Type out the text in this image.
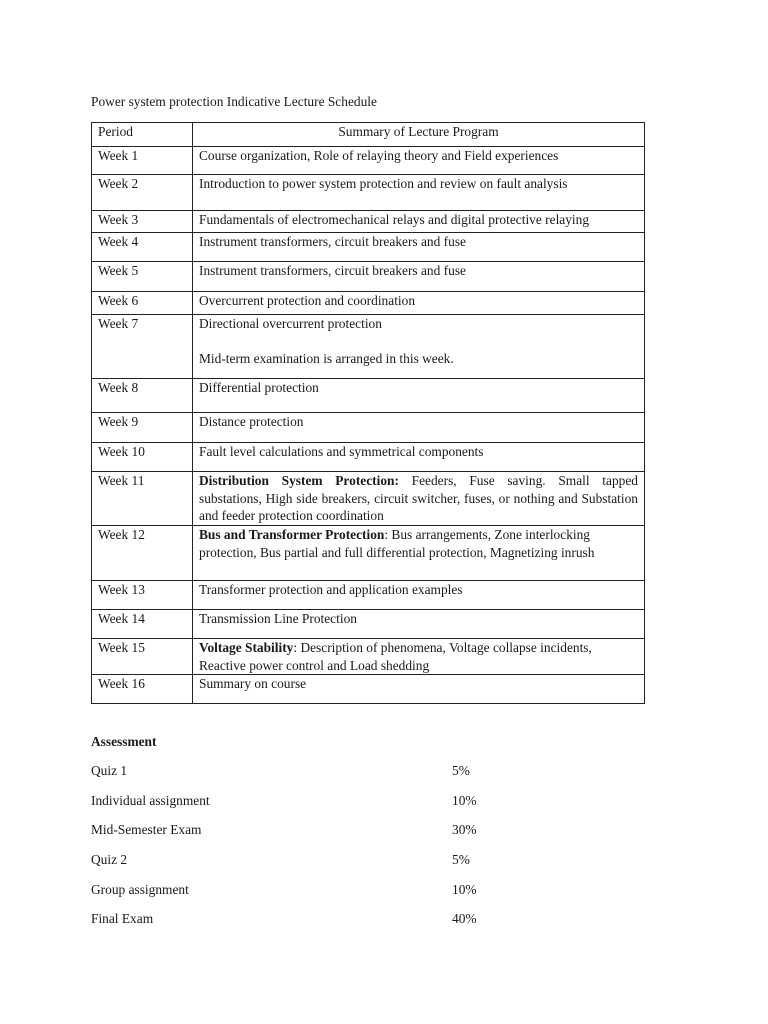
Power system protection Indicative Lecture Schedule
Period	Summary of Lecture Program
Week 1	Course organization, Role of relaying theory and Field experiences
Week 2	Introduction to power system protection and review on fault analysis
Week 3	Fundamentals of electromechanical relays and digital protective relaying
Week 4	Instrument transformers, circuit breakers and fuse
Week 5	Instrument transformers, circuit breakers and fuse
Week 6	Overcurrent protection and coordination
Week 7	Directional overcurrent protection
Mid-term examination is arranged in this week.
Week 8	Differential protection
Week 9	Distance protection
Week 10	Fault level calculations and symmetrical components
Week 11	Distribution System Protection: Feeders, Fuse saving. Small tapped substations, High side breakers, circuit switcher, fuses, or nothing and Substation and feeder protection coordination
Week 12	Bus and Transformer Protection: Bus arrangements, Zone interlocking protection, Bus partial and full differential protection, Magnetizing inrush
Week 13	Transformer protection and application examples
Week 14	Transmission Line Protection
Week 15	Voltage Stability: Description of phenomena, Voltage collapse incidents, Reactive power control and Load shedding
Week 16	Summary on course
Assessment
Quiz 1	5%
Individual assignment	10%
Mid-Semester Exam	30%
Quiz 2	5%
Group assignment	10%
Final Exam	40%
